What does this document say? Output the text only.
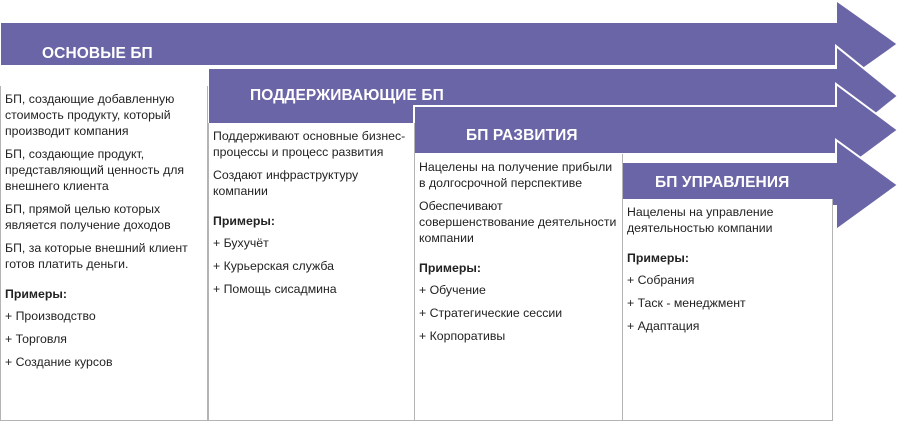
ОСНОВЫЕ БП
ПОДДЕРЖИВАЮЩИЕ БП
БП РАЗВИТИЯ
БП УПРАВЛЕНИЯ

БП, создающие добавленную стоимость продукту, который производит компания

БП, создающие продукт, представляющий ценность для внешнего клиента

БП, прямой целью которых является получение доходов

БП, за которые внешний клиент готов платить деньги.

Примеры:

+ Производство

+ Торговля

+ Создание курсов

Поддерживают основные бизнес-процессы и процесс развития

Создают инфраструктуру компании

Примеры:

+ Бухучёт

+ Курьерская служба

+ Помощь сисадмина

Нацелены на получение прибыли в долгосрочной перспективе

Обеспечивают совершенствование деятельности компании

Примеры:

+ Обучение

+ Стратегические сессии

+ Корпоративы

Нацелены на управление деятельностью компании

Примеры:

+ Собрания

+ Таск - менеджмент

+ Адаптация
